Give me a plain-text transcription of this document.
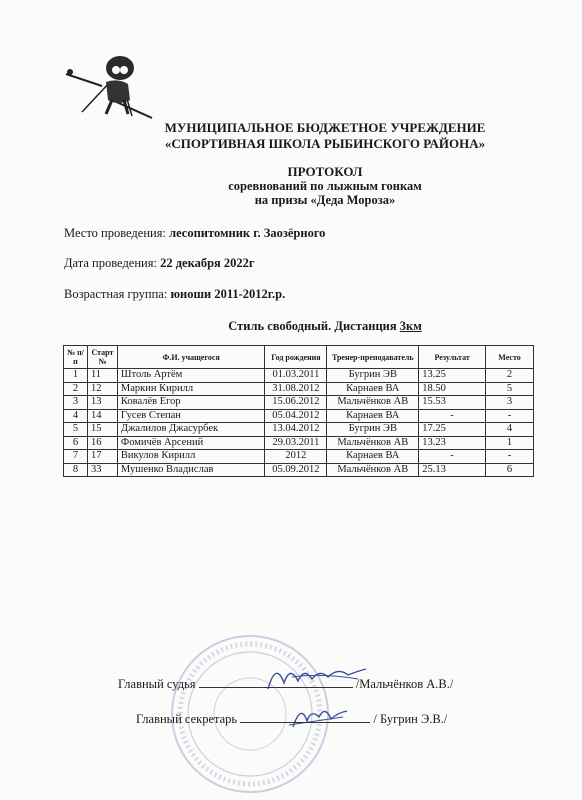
МУНИЦИПАЛЬНОЕ БЮДЖЕТНОЕ УЧРЕЖДЕНИЕ
«СПОРТИВНАЯ ШКОЛА РЫБИНСКОГО РАЙОНА»
ПРОТОКОЛ
соревнований по лыжным гонкам
на призы «Деда Мороза»
Место проведения: лесопитомник г. Заозёрного
Дата проведения: 22 декабря 2022г
Возрастная группа: юноши 2011-2012г.р.
Стиль свободный. Дистанция 3км
№ п/п	Старт №	Ф.И. учащегося	Год рождения	Тренер-преподаватель	Результат	Место
1	11	Штоль Артём	01.03.2011	Бугрин ЭВ	13.25	2
2	12	Маркин Кирилл	31.08.2012	Карнаев ВА	18.50	5
3	13	Ковалёв Егор	15.06.2012	Мальчёнков АВ	15.53	3
4	14	Гусев Степан	05.04.2012	Карнаев ВА	-	-
5	15	Джалилов Джасурбек	13.04.2012	Бугрин ЭВ	17.25	4
6	16	Фомичёв Арсений	29.03.2011	Мальчёнков АВ	13.23	1
7	17	Викулов Кирилл	2012	Карнаев ВА	-	-
8	33	Мушенко Владислав	05.09.2012	Мальчёнков АВ	25.13	6
Главный судья	/Мальчёнков А.В./
Главный секретарь	/ Бугрин Э.В./
